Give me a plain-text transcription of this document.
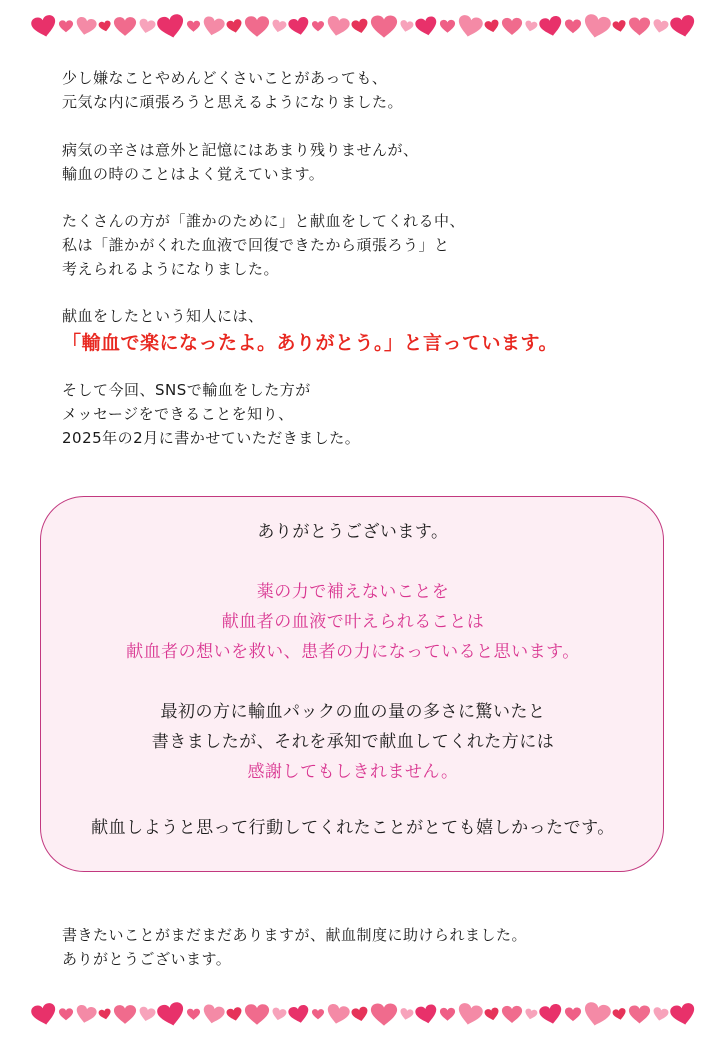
少し嫌なことやめんどくさいことがあっても、
元気な内に頑張ろうと思えるようになりました。

病気の辛さは意外と記憶にはあまり残りませんが、
輸血の時のことはよく覚えています。

たくさんの方が「誰かのために」と献血をしてくれる中、
私は「誰かがくれた血液で回復できたから頑張ろう」と
考えられるようになりました。

献血をしたという知人には、

「輸血で楽になったよ。ありがとう。」と言っています。

そして今回、SNSで輸血をした方が
メッセージをできることを知り、
2025年の2月に書かせていただきました。

ありがとうございます。
薬の力で補えないことを
献血者の血液で叶えられることは
献血者の想いを救い、患者の力になっていると思います。
最初の方に輸血パックの血の量の多さに驚いたと
書きましたが、それを承知で献血してくれた方には
感謝してもしきれません。
献血しようと思って行動してくれたことがとても嬉しかったです。

書きたいことがまだまだありますが、献血制度に助けられました。
ありがとうございます。
